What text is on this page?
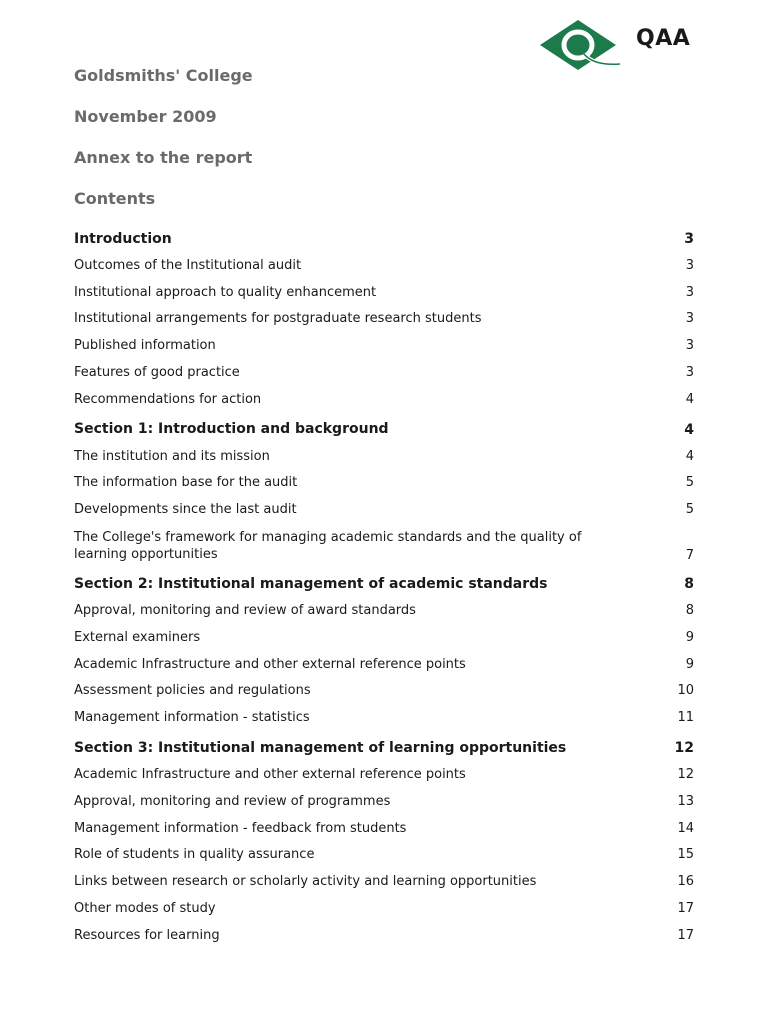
QAA
Goldsmiths' College
November 2009
Annex to the report
Contents
Introduction	3
Outcomes of the Institutional audit	3
Institutional approach to quality enhancement	3
Institutional arrangements for postgraduate research students	3
Published information	3
Features of good practice	3
Recommendations for action	4
Section 1: Introduction and background	4
The institution and its mission	4
The information base for the audit	5
Developments since the last audit	5
The College's framework for managing academic standards and the quality of learning opportunities	7
Section 2: Institutional management of academic standards	8
Approval, monitoring and review of award standards	8
External examiners	9
Academic Infrastructure and other external reference points	9
Assessment policies and regulations	10
Management information - statistics	11
Section 3: Institutional management of learning opportunities	12
Academic Infrastructure and other external reference points	12
Approval, monitoring and review of programmes	13
Management information - feedback from students	14
Role of students in quality assurance	15
Links between research or scholarly activity and learning opportunities	16
Other modes of study	17
Resources for learning	17
